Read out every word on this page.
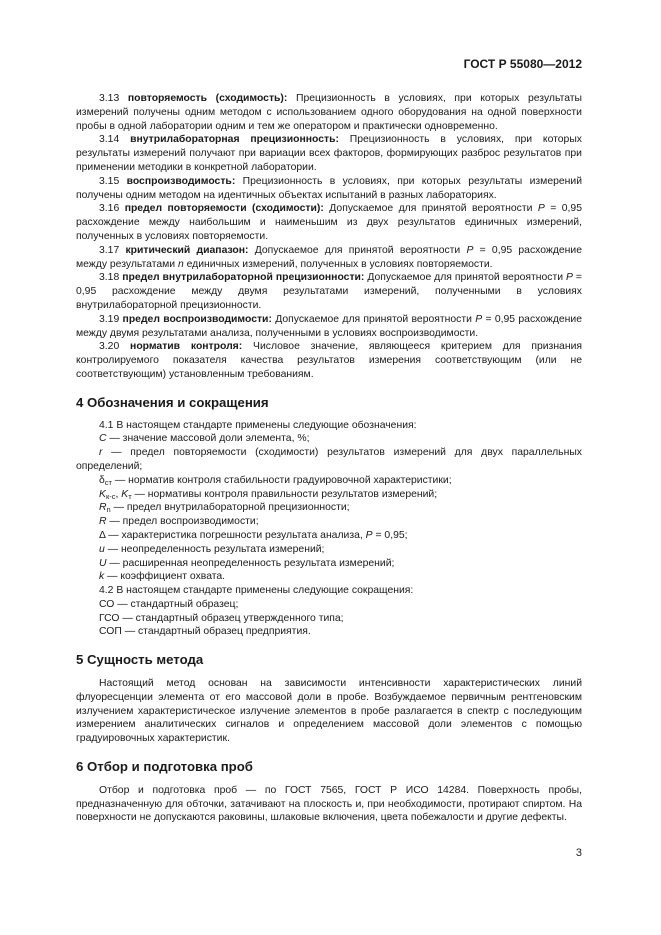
ГОСТ Р 55080—2012

3.13 повторяемость (сходимость): Прецизионность в условиях, при которых результаты измерений получены одним методом с использованием одного оборудования на одной поверхности пробы в одной лаборатории одним и тем же оператором и практически одновременно.

3.14 внутрилабораторная прецизионность: Прецизионность в условиях, при которых результаты измерений получают при вариации всех факторов, формирующих разброс результатов при применении методики в конкретной лаборатории.

3.15 воспроизводимость: Прецизионность в условиях, при которых результаты измерений получены одним методом на идентичных объектах испытаний в разных лабораториях.

3.16 предел повторяемости (сходимости): Допускаемое для принятой вероятности P = 0,95 расхождение между наибольшим и наименьшим из двух результатов единичных измерений, полученных в условиях повторяемости.

3.17 критический диапазон: Допускаемое для принятой вероятности P = 0,95 расхождение между результатами n единичных измерений, полученных в условиях повторяемости.

3.18 предел внутрилабораторной прецизионности: Допускаемое для принятой вероятности P = 0,95 расхождение между двумя результатами измерений, полученными в условиях внутрилабораторной прецизионности.

3.19 предел воспроизводимости: Допускаемое для принятой вероятности P = 0,95 расхождение между двумя результатами анализа, полученными в условиях воспроизводимости.

3.20 норматив контроля: Числовое значение, являющееся критерием для признания контролируемого показателя качества результатов измерения соответствующим (или не соответствующим) установленным требованиям.

4 Обозначения и сокращения

4.1 В настоящем стандарте применены следующие обозначения:

C — значение массовой доли элемента, %;

r — предел повторяемости (сходимости) результатов измерений для двух параллельных определений;

$\delta_{ст}$ — норматив контроля стабильности градуировочной характеристики;

$K_{к-с}$, $K_т$ — нормативы контроля правильности результатов измерений;

$R_n$ — предел внутрилабораторной прецизионности;

R — предел воспроизводимости;

Δ — характеристика погрешности результата анализа, P = 0,95;

u — неопределенность результата измерений;

U — расширенная неопределенность результата измерений;

k — коэффициент охвата.

4.2 В настоящем стандарте применены следующие сокращения:

СО — стандартный образец;

ГСО — стандартный образец утвержденного типа;

СОП — стандартный образец предприятия.

5 Сущность метода

Настоящий метод основан на зависимости интенсивности характеристических линий флуоресценции элемента от его массовой доли в пробе. Возбуждаемое первичным рентгеновским излучением характеристическое излучение элементов в пробе разлагается в спектр с последующим измерением аналитических сигналов и определением массовой доли элементов с помощью градуировочных характеристик.

6 Отбор и подготовка проб

Отбор и подготовка проб — по ГОСТ 7565, ГОСТ Р ИСО 14284. Поверхность пробы, предназначенную для обточки, затачивают на плоскость и, при необходимости, протирают спиртом. На поверхности не допускаются раковины, шлаковые включения, цвета побежалости и другие дефекты.

3
